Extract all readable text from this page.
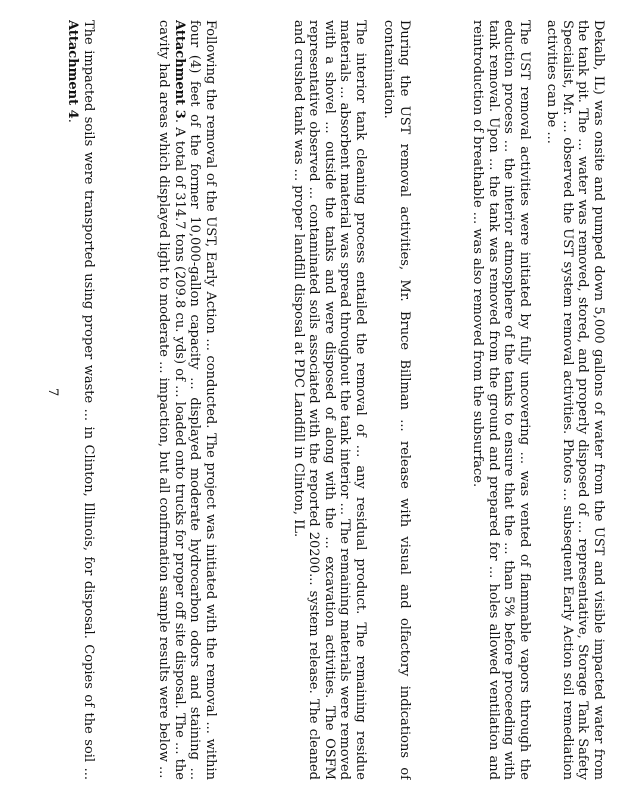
Dekalb, IL) was onsite and pumped down 5,000 gallons of water from the UST and visible impacted water from the tank pit. The ... water was removed, stored, and properly disposed of ... representative, Storage Tank Safety Specialist, Mr. ... observed the UST system removal activities. Photos ... subsequent Early Action soil remediation activities can be ...

The UST removal activities were initiated by fully uncovering ... was vented of flammable vapors through the eduction process ... the interior atmosphere of the tanks to ensure that the ... than 5% before proceeding with tank removal. Upon ... the tank was removed from the ground and prepared for ... holes allowed ventilation and reintroduction of breathable ... was also removed from the subsurface.

During the UST removal activities, Mr. Bruce Billman ... release with visual and olfactory indications of contamination.

The interior tank cleaning process entailed the removal of ... any residual product. The remaining residue materials ... absorbent material was spread throughout the tank interior ... The remaining materials were removed with a shovel ... outside the tanks and were disposed of along with the ... excavation activities. The OSFM representative observed ... contaminated soils associated with the reported 20200... system release. The cleaned and crushed tank was ... proper landfill disposal at PDC Landfill in Clinton, IL.

Following the removal of the UST, Early Action ... conducted. The project was initiated with the removal ... within four (4) feet of the former 10,000-gallon capacity ... displayed moderate hydrocarbon odors and staining ... Attachment 3. A total of 314.7 tons (209.8 cu. yds) of ... loaded onto trucks for proper off site disposal. The ... the cavity had areas which displayed light to moderate ... impaction, but all confirmation sample results were below ...

The impacted soils were transported using proper waste ... in Clinton, Illinois, for disposal. Copies of the soil ... Attachment 4.

7
